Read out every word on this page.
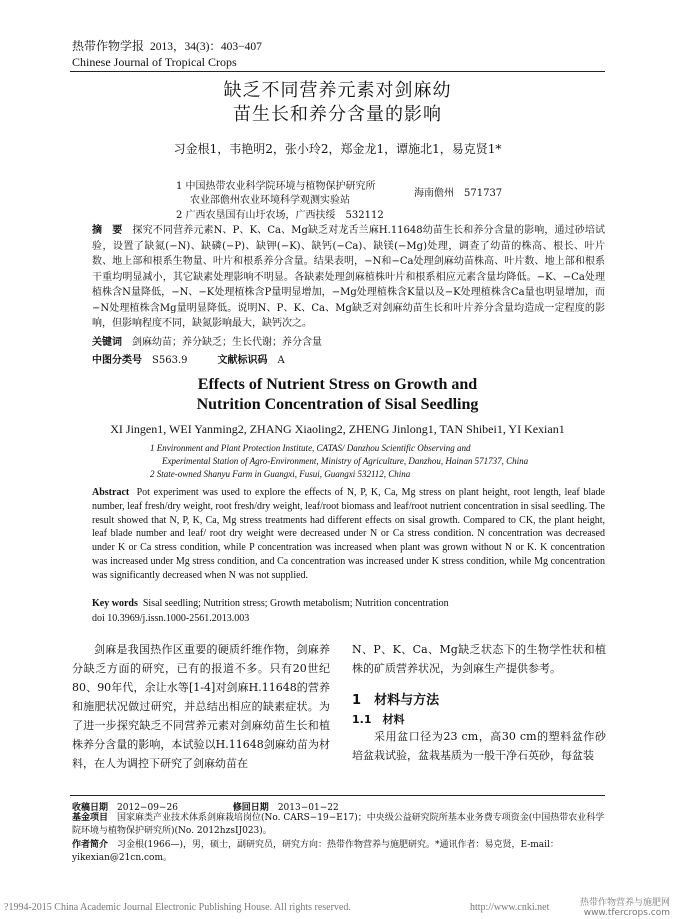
热带作物学报 2013，34(3)：403−407
Chinese Journal of Tropical Crops
缺乏不同营养元素对剑麻幼
苗生长和养分含量的影响
习金根1，韦艳明2，张小玲2，郑金龙1，谭施北1，易克贤1*
1 中国热带农业科学院环境与植物保护研究所
农业部儋州农业环境科学观测实验站
海南儋州　571737
2 广西农垦国有山圩农场，广西扶绥　532112
摘　要　 探究不同营养元素N、P、K、Ca、Mg缺乏对龙舌兰麻H.11648幼苗生长和养分含量的影响，通过砂培试验，设置了缺氮(−N)、缺磷(−P)、缺钾(−K)、缺钙(−Ca)、缺镁(−Mg)处理，调查了幼苗的株高、根长、叶片数、地上部和根系生物量、叶片和根系养分含量。结果表明，−N和−Ca处理剑麻幼苗株高、叶片数、地上部和根系干重均明显减小，其它缺素处理影响不明显。各缺素处理剑麻植株叶片和根系相应元素含量均降低。−K、−Ca处理植株含N量降低，−N、−K处理植株含P量明显增加，−Mg处理植株含K量以及−K处理植株含Ca量也明显增加，而−N处理植株含Mg量明显降低。说明N、P、K、Ca、Mg缺乏对剑麻幼苗生长和叶片养分含量均造成一定程度的影响，但影响程度不同，缺氮影响最大，缺钙次之。
关键词　 剑麻幼苗；养分缺乏；生长代谢；养分含量
中图分类号　 S563.9　　　	文献标识码　 A
Effects of Nutrient Stress on Growth and
Nutrition Concentration of Sisal Seedling
XI Jingen1, WEI Yanming2, ZHANG Xiaoling2, ZHENG Jinlong1, TAN Shibei1, YI Kexian1
1 Environment and Plant Protection Institute, CATAS/ Danzhou Scientific Observing and
Experimental Station of Agro-Environment, Ministry of Agriculture, Danzhou, Hainan 571737, China
2 State-owned Shanyu Farm in Guangxi, Fusui, Guangxi 532112, China
Abstract Pot experiment was used to explore the effects of N, P, K, Ca, Mg stress on plant height, root length, leaf blade number, leaf fresh/dry weight, root fresh/dry weight, leaf/root biomass and leaf/root nutrient concentration in sisal seedling. The result showed that N, P, K, Ca, Mg stress treatments had different effects on sisal growth. Compared to CK, the plant height, leaf blade number and leaf/ root dry weight were decreased under N or Ca stress condition. N concentration was decreased under K or Ca stress condition, while P concentration was increased when plant was grown without N or K. K concentration was increased under Mg stress condition, and Ca concentration was increased under K stress condition, while Mg concentration was significantly decreased when N was not supplied.
Key words Sisal seedling; Nutrition stress; Growth metabolism; Nutrition concentration
doi 10.3969/j.issn.1000-2561.2013.003
剑麻是我国热作区重要的硬质纤维作物，剑麻养分缺乏方面的研究，已有的报道不多。只有20世纪80、90年代，余让水等[1-4]对剑麻H.11648的营养和施肥状况做过研究，并总结出相应的缺素症状。为了进一步探究缺乏不同营养元素对剑麻幼苗生长和植株养分含量的影响，本试验以H.11648剑麻幼苗为材料，在人为调控下研究了剑麻幼苗在
N、P、K、Ca、Mg缺乏状态下的生物学性状和植株的矿质营养状况，为剑麻生产提供参考。
1　 材料与方法
1.1　 材料
采用盆口径为23 cm，高30 cm的塑料盆作砂培盆栽试验，盆栽基质为一般干净石英砂，每盆装
收稿日期　 2012−09−26	修回日期　 2013−01−22
基金项目　 国家麻类产业技术体系剑麻栽培岗位(No. CARS−19−E17)；中央级公益研究院所基本业务费专项资金(中国热带农业科学院环境与植物保护研究所)(No. 2012hzsIJ023)。
作者简介　 习金根(1966—)，男，硕士，副研究员，研究方向：热带作物营养与施肥研究。*通讯作者：易克贤，E-mail：yikexian@21cn.com。
?1994-2015 China Academic Journal Electronic Publishing House. All rights reserved.	http://www.cnki.net	热带作物营养与施肥网 www.tfercrops.com
